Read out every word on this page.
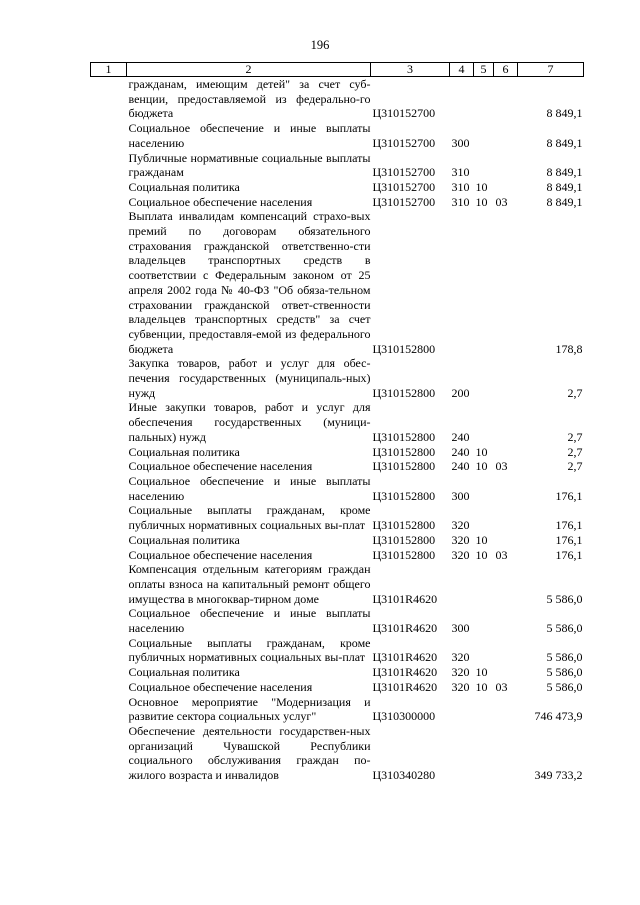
196
1	2	3	4	5	6	7
гражданам, имеющим детей" за счет суб-венции, предоставляемой из федерально-го бюджета		Ц310152700				8 849,1
Социальное обеспечение и иные выплаты населению		Ц310152700	300			8 849,1
Публичные нормативные социальные выплаты гражданам		Ц310152700	310			8 849,1
Социальная политика		Ц310152700	310	10		8 849,1
Социальное обеспечение населения		Ц310152700	310	10	03	8 849,1
Выплата инвалидам компенсаций страхо-вых премий по договорам обязательного страхования гражданской ответственно-сти владельцев транспортных средств в соответствии с Федеральным законом от 25 апреля 2002 года № 40-ФЗ "Об обяза-тельном страховании гражданской ответ-ственности владельцев транспортных средств" за счет субвенции, предоставля-емой из федерального бюджета		Ц310152800				178,8
Закупка товаров, работ и услуг для обес-печения государственных (муниципаль-ных) нужд		Ц310152800	200			2,7
Иные закупки товаров, работ и услуг для обеспечения государственных (муници-пальных) нужд		Ц310152800	240			2,7
Социальная политика		Ц310152800	240	10		2,7
Социальное обеспечение населения		Ц310152800	240	10	03	2,7
Социальное обеспечение и иные выплаты населению		Ц310152800	300			176,1
Социальные выплаты гражданам, кроме публичных нормативных социальных вы-плат		Ц310152800	320			176,1
Социальная политика		Ц310152800	320	10		176,1
Социальное обеспечение населения		Ц310152800	320	10	03	176,1
Компенсация отдельным категориям граждан оплаты взноса на капитальный ремонт общего имущества в многоквар-тирном доме		Ц3101R4620				5 586,0
Социальное обеспечение и иные выплаты населению		Ц3101R4620	300			5 586,0
Социальные выплаты гражданам, кроме публичных нормативных социальных вы-плат		Ц3101R4620	320			5 586,0
Социальная политика		Ц3101R4620	320	10		5 586,0
Социальное обеспечение населения		Ц3101R4620	320	10	03	5 586,0
Основное мероприятие "Модернизация и развитие сектора социальных услуг"		Ц310300000				746 473,9
Обеспечение деятельности государствен-ных организаций Чувашской Республики социального обслуживания граждан по-жилого возраста и инвалидов		Ц310340280				349 733,2
